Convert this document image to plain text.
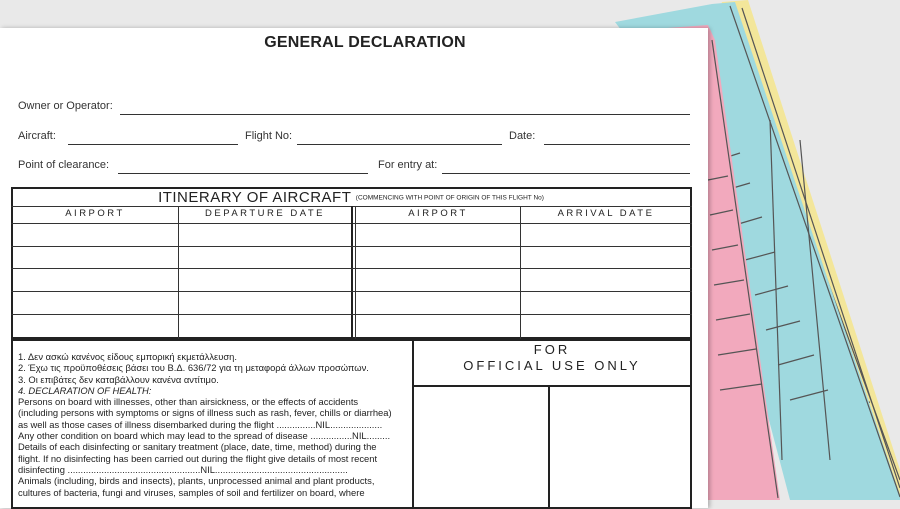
GENERAL DECLARATION
Owner or Operator:
Aircraft:	Flight No:	Date:
Point of clearance:	For entry at:
ITINERARY OF AIRCRAFT (COMMENCING WITH POINT OF ORIGIN OF THIS FLIGHT No)
AIRPORT	DEPARTURE DATE	AIRPORT	ARRIVAL DATE
1. Δεν ασκώ κανένος είδους εμπορική εκμετάλλευση.
2. Έχω τις προϋποθέσεις βάσει του Β.Δ. 636/72 για τη μεταφορά άλλων προσώπων.
3. Οι επιβάτες δεν καταβάλλουν κανένα αντίτιμο.
4. DECLARATION OF HEALTH:
Persons on board with illnesses, other than airsickness, or the effects of accidents
(including persons with symptoms or signs of illness such as rash, fever, chills or diarrhea)
as well as those cases of illness disembarked during the flight ...............NIL....................
Any other condition on board which may lead to the spread of disease ................NIL.........
Details of each disinfecting or sanitary treatment (place, date, time, method) during the
flight. If no disinfecting has been carried out during the flight give details of most recent
disinfecting ...................................................NIL...................................................
Animals (including, birds and insects), plants, unprocessed animal and plant products,
cultures of bacteria, fungi and viruses, samples of soil and fertilizer on board, where
FOR
OFFICIAL USE ONLY
